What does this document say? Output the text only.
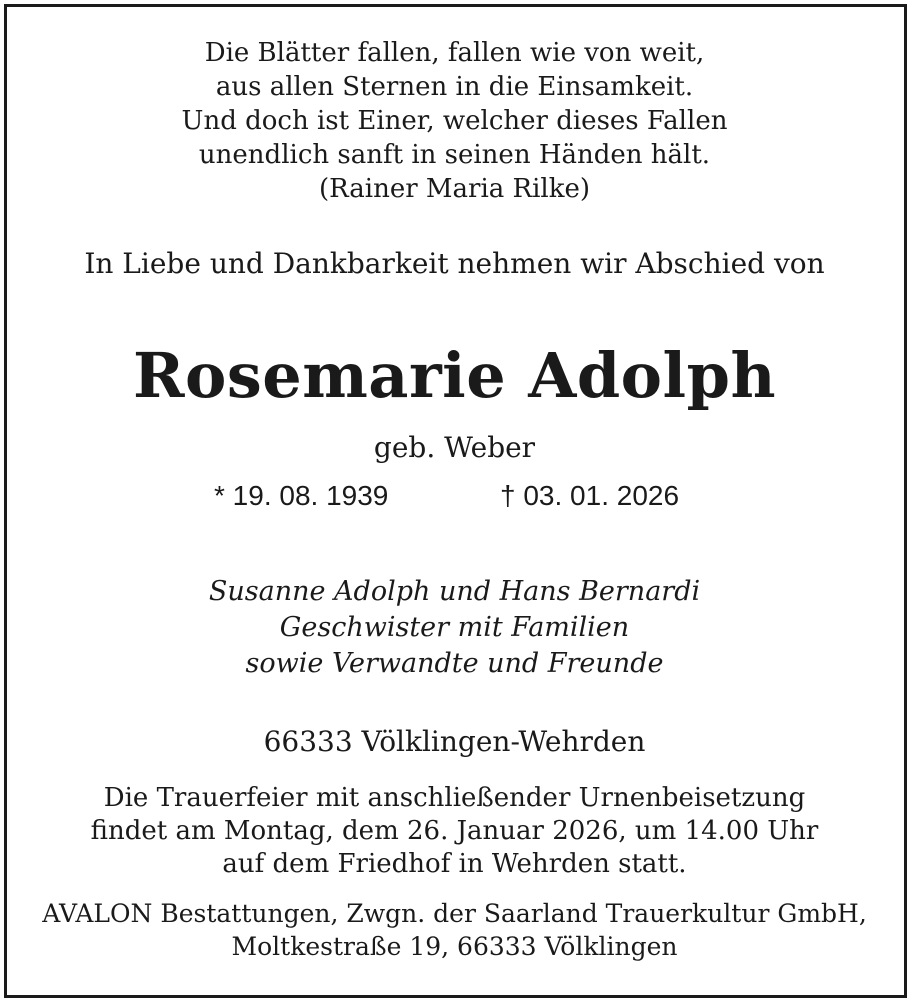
Die Blätter fallen, fallen wie von weit,
aus allen Sternen in die Einsamkeit.
Und doch ist Einer, welcher dieses Fallen
unendlich sanft in seinen Händen hält.
(Rainer Maria Rilke)
In Liebe und Dankbarkeit nehmen wir Abschied von
Rosemarie Adolph
geb. Weber
* 19. 08. 1939	† 03. 01. 2026
Susanne Adolph und Hans Bernardi
Geschwister mit Familien
sowie Verwandte und Freunde
66333 Völklingen-Wehrden
Die Trauerfeier mit anschließender Urnenbeisetzung
findet am Montag, dem 26. Januar 2026, um 14.00 Uhr
auf dem Friedhof in Wehrden statt.
AVALON Bestattungen, Zwgn. der Saarland Trauerkultur GmbH,
Moltkestraße 19, 66333 Völklingen
